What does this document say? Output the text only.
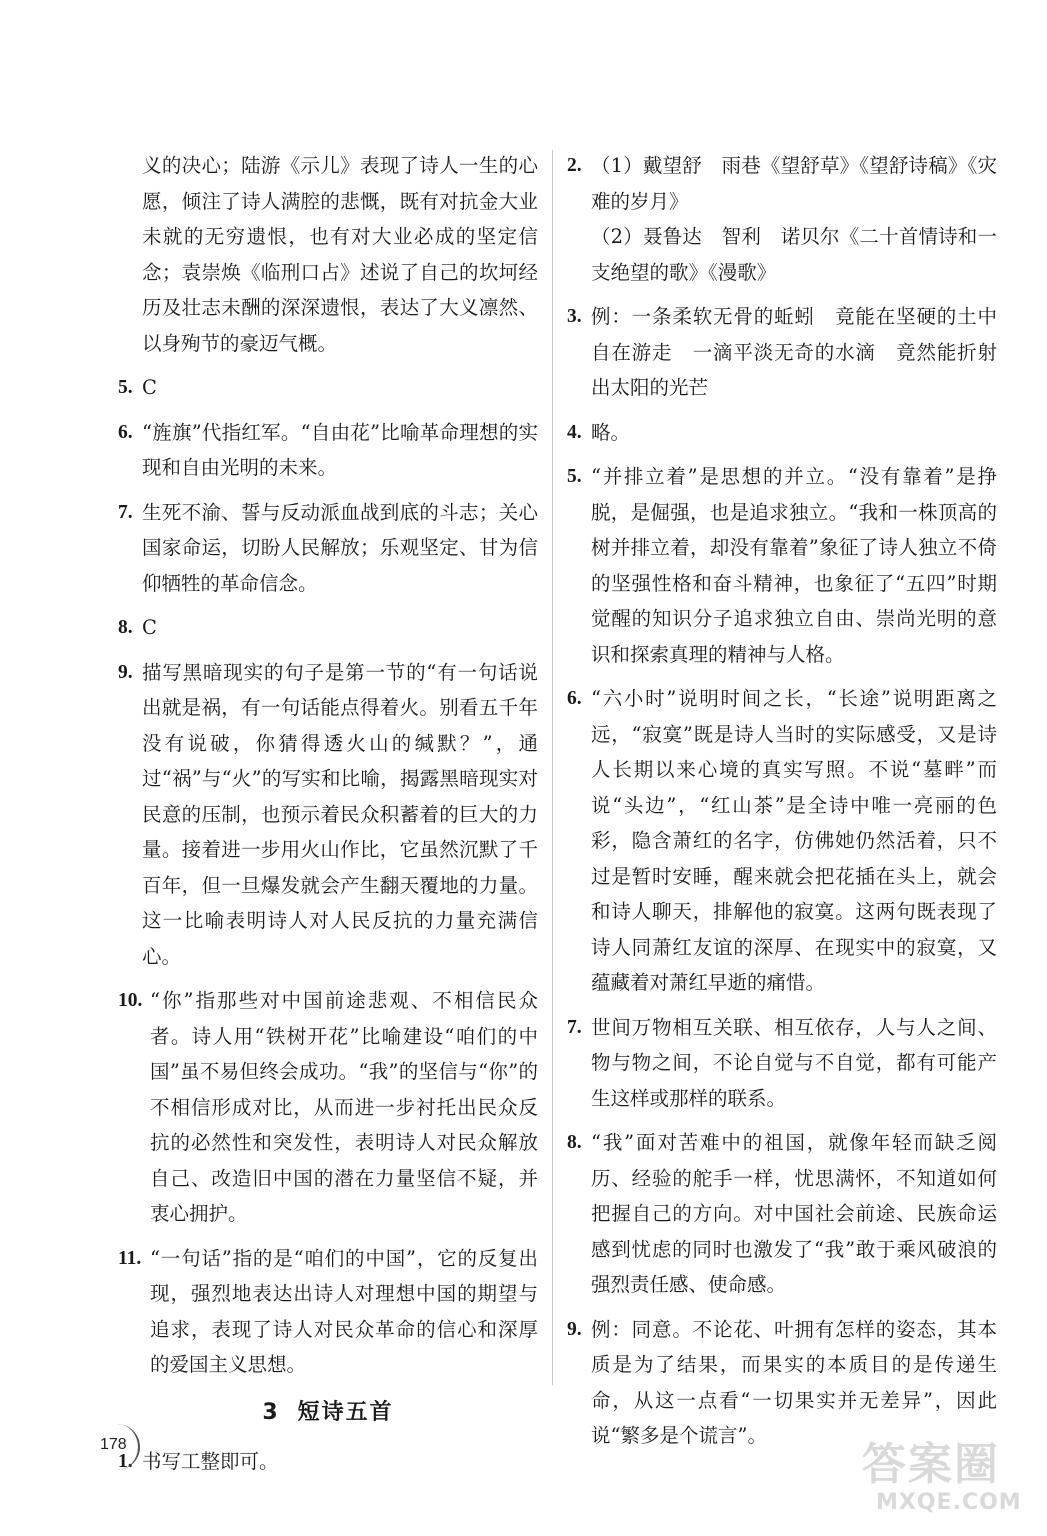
义的决心；陆游《示儿》表现了诗人一生的心愿，倾注了诗人满腔的悲慨，既有对抗金大业未就的无穷遗恨，也有对大业必成的坚定信念；袁崇焕《临刑口占》述说了自己的坎坷经历及壮志未酬的深深遗恨，表达了大义凛然、以身殉节的豪迈气概。
5. C
6. “旌旗”代指红军。“自由花”比喻革命理想的实现和自由光明的未来。
7. 生死不渝、誓与反动派血战到底的斗志；关心国家命运，切盼人民解放；乐观坚定、甘为信仰牺牲的革命信念。
8. C
9. 描写黑暗现实的句子是第一节的“有一句话说出就是祸，有一句话能点得着火。别看五千年没有说破，你猜得透火山的缄默？”，通过“祸”与“火”的写实和比喻，揭露黑暗现实对民意的压制，也预示着民众积蓄着的巨大的力量。接着进一步用火山作比，它虽然沉默了千百年，但一旦爆发就会产生翻天覆地的力量。这一比喻表明诗人对人民反抗的力量充满信心。
10. “你”指那些对中国前途悲观、不相信民众者。诗人用“铁树开花”比喻建设“咱们的中国”虽不易但终会成功。“我”的坚信与“你”的不相信形成对比，从而进一步衬托出民众反抗的必然性和突发性，表明诗人对民众解放自己、改造旧中国的潜在力量坚信不疑，并衷心拥护。
11. “一句话”指的是“咱们的中国”，它的反复出现，强烈地表达出诗人对理想中国的期望与追求，表现了诗人对民众革命的信心和深厚的爱国主义思想。
3 短诗五首
1. 书写工整即可。
2. （1）戴望舒　雨巷《望舒草》《望舒诗稿》《灾难的岁月》
（2）聂鲁达　智利　诺贝尔《二十首情诗和一支绝望的歌》《漫歌》
3. 例：一条柔软无骨的蚯蚓　竟能在坚硬的土中自在游走　一滴平淡无奇的水滴　竟然能折射出太阳的光芒
4. 略。
5. “并排立着”是思想的并立。“没有靠着”是挣脱，是倔强，也是追求独立。“我和一株顶高的树并排立着，却没有靠着”象征了诗人独立不倚的坚强性格和奋斗精神，也象征了“五四”时期觉醒的知识分子追求独立自由、崇尚光明的意识和探索真理的精神与人格。
6. “六小时”说明时间之长，“长途”说明距离之远，“寂寞”既是诗人当时的实际感受，又是诗人长期以来心境的真实写照。不说“墓畔”而说“头边”，“红山茶”是全诗中唯一亮丽的色彩，隐含萧红的名字，仿佛她仍然活着，只不过是暂时安睡，醒来就会把花插在头上，就会和诗人聊天，排解他的寂寞。这两句既表现了诗人同萧红友谊的深厚、在现实中的寂寞，又蕴藏着对萧红早逝的痛惜。
7. 世间万物相互关联、相互依存，人与人之间、物与物之间，不论自觉与不自觉，都有可能产生这样或那样的联系。
8. “我”面对苦难中的祖国，就像年轻而缺乏阅历、经验的舵手一样，忧思满怀，不知道如何把握自己的方向。对中国社会前途、民族命运感到忧虑的同时也激发了“我”敢于乘风破浪的强烈责任感、使命感。
9. 例：同意。不论花、叶拥有怎样的姿态，其本质是为了结果，而果实的本质目的是传递生命，从这一点看“一切果实并无差异”，因此说“繁多是个谎言”。
178	答案圈
MXQE.COM
